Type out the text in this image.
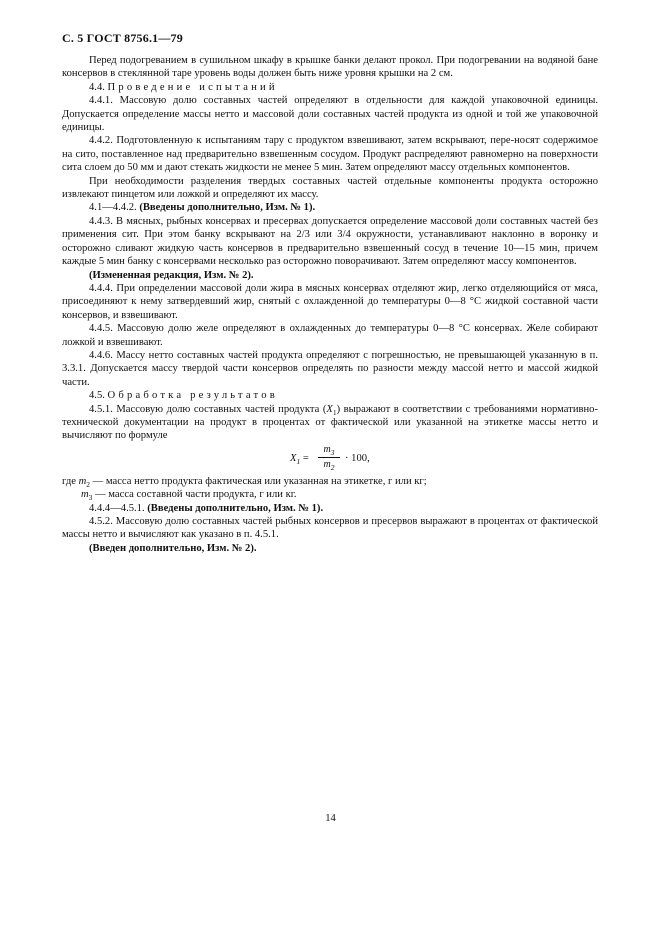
С. 5 ГОСТ 8756.1—79

Перед подогреванием в сушильном шкафу в крышке банки делают прокол. При подогревании на водяной бане консервов в стеклянной таре уровень воды должен быть ниже уровня крышки на 2 см.

4.4. Проведение испытаний

4.4.1. Массовую долю составных частей определяют в отдельности для каждой упаковочной единицы. Допускается определение массы нетто и массовой доли составных частей продукта из одной и той же упаковочной единицы.

4.4.2. Подготовленную к испытаниям тару с продуктом взвешивают, затем вскрывают, пере-носят содержимое на сито, поставленное над предварительно взвешенным сосудом. Продукт распределяют равномерно на поверхности сита слоем до 50 мм и дают стекать жидкости не менее 5 мин. Затем определяют массу отдельных компонентов.

При необходимости разделения твердых составных частей отдельные компоненты продукта осторожно извлекают пинцетом или ложкой и определяют их массу.

4.1—4.4.2. (Введены дополнительно, Изм. № 1).

4.4.3. В мясных, рыбных консервах и пресервах допускается определение массовой доли составных частей без применения сит. При этом банку вскрывают на 2/3 или 3/4 окружности, устанавливают наклонно в воронку и осторожно сливают жидкую часть консервов в предварительно взвешенный сосуд в течение 10—15 мин, причем каждые 5 мин банку с консервами несколько раз осторожно поворачивают. Затем определяют массу компонентов.

(Измененная редакция, Изм. № 2).

4.4.4. При определении массовой доли жира в мясных консервах отделяют жир, легко отделяющийся от мяса, присоединяют к нему затвердевший жир, снятый с охлажденной до температуры 0—8 °С жидкой составной части консервов, и взвешивают.

4.4.5. Массовую долю желе определяют в охлажденных до температуры 0—8 °С консервах. Желе собирают ложкой и взвешивают.

4.4.6. Массу нетто составных частей продукта определяют с погрешностью, не превышающей указанную в п. 3.3.1. Допускается массу твердой части консервов определять по разности между массой нетто и массой жидкой части.

4.5. Обработка результатов

4.5.1. Массовую долю составных частей продукта $(X_1)$ выражают в соответствии с требованиями нормативно-технической документации на продукт в процентах от фактической или указанной на этикетке массы нетто и вычисляют по формуле

$X_1$ =
$m_3$
$m_2$
· 100,

где $m_2$ — масса нетто продукта фактическая или указанная на этикетке, г или кг;

$m_3$ — масса составной части продукта, г или кг.

4.4.4—4.5.1. (Введены дополнительно, Изм. № 1).

4.5.2. Массовую долю составных частей рыбных консервов и пресервов выражают в процентах от фактической массы нетто и вычисляют как указано в п. 4.5.1.

(Введен дополнительно, Изм. № 2).

14
